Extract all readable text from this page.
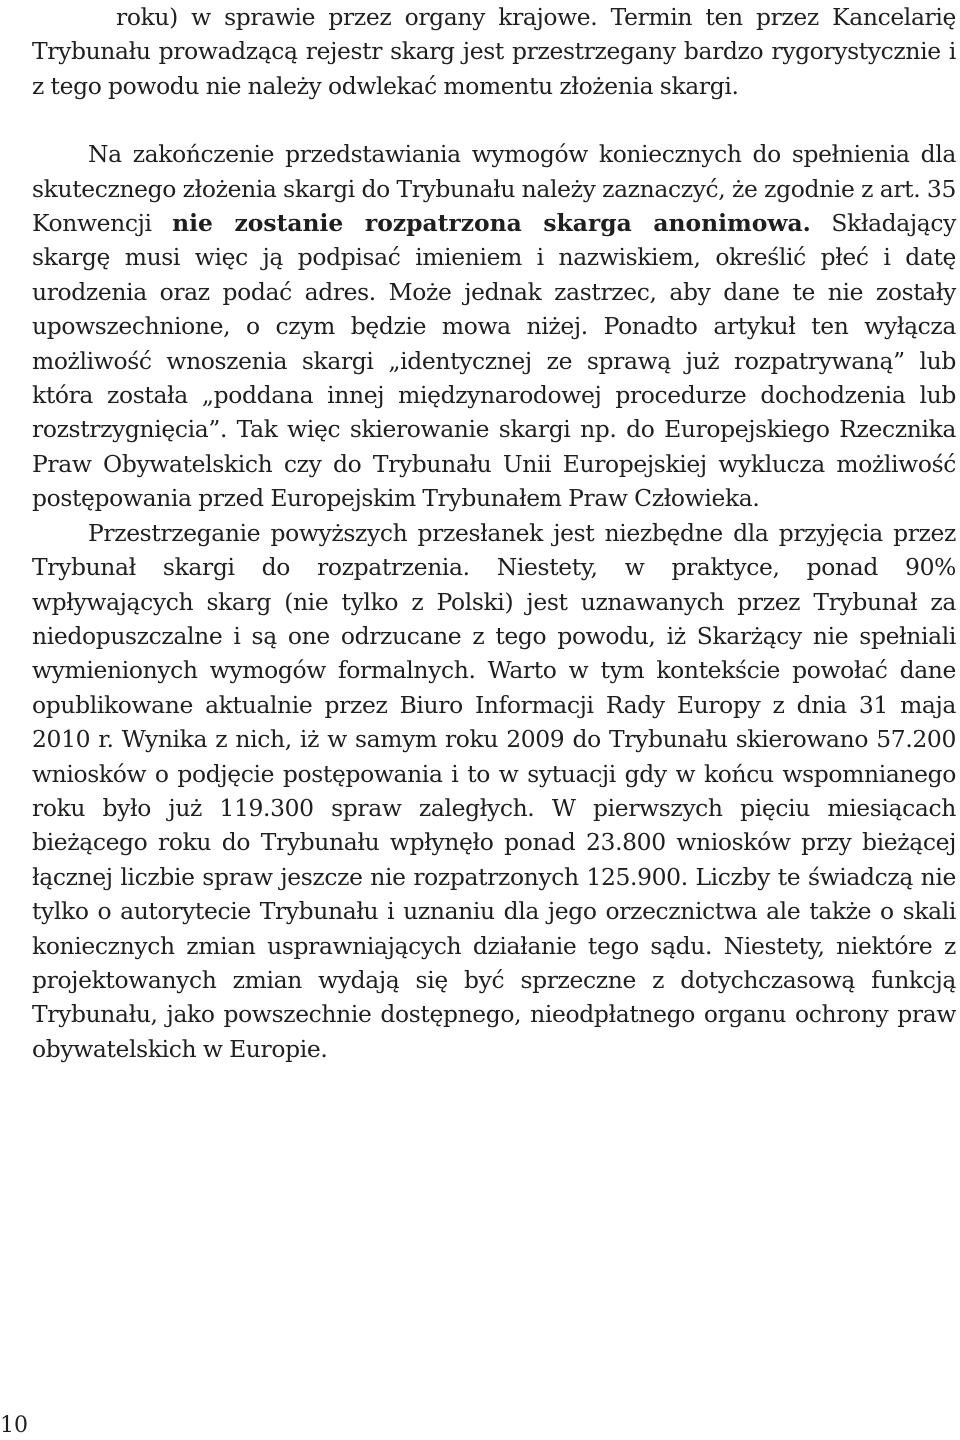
roku) w sprawie przez organy krajowe. Termin ten przez Kancelarię Trybunału prowadzącą rejestr skarg jest przestrzegany bardzo rygorystycznie i z tego powodu nie należy odwlekać momentu złożenia skargi.

Na zakończenie przedstawiania wymogów koniecznych do spełnienia dla skutecznego złożenia skargi do Trybunału należy zaznaczyć, że zgodnie z art. 35 Konwencji nie zostanie rozpatrzona skarga anonimowa. Składający skargę musi więc ją podpisać imieniem i nazwiskiem, określić płeć i datę urodzenia oraz podać adres. Może jednak zastrzec, aby dane te nie zostały upowszechnione, o czym będzie mowa niżej. Ponadto artykuł ten wyłącza możliwość wnoszenia skargi „identycznej ze sprawą już rozpatrywaną” lub która została „poddana innej międzynarodowej procedurze dochodzenia lub rozstrzygnięcia”. Tak więc skierowanie skargi np. do Europejskiego Rzecznika Praw Obywatelskich czy do Trybunału Unii Europejskiej wyklucza możliwość postępowania przed Europejskim Trybunałem Praw Człowieka.

Przestrzeganie powyższych przesłanek jest niezbędne dla przyjęcia przez Trybunał skargi do rozpatrzenia. Niestety, w praktyce, ponad 90% wpływających skarg (nie tylko z Polski) jest uznawanych przez Trybunał za niedopuszczalne i są one odrzucane z tego powodu, iż Skarżący nie spełniali wymienionych wymogów formalnych. Warto w tym kontekście powołać dane opublikowane aktualnie przez Biuro Informacji Rady Europy z dnia 31 maja 2010 r. Wynika z nich, iż w samym roku 2009 do Trybunału skierowano 57.200 wniosków o podjęcie postępowania i to w sytuacji gdy w końcu wspomnianego roku było już 119.300 spraw zaległych. W pierwszych pięciu miesiącach bieżącego roku do Trybunału wpłynęło ponad 23.800 wniosków przy bieżącej łącznej liczbie spraw jeszcze nie rozpatrzonych 125.900. Liczby te świadczą nie tylko o autorytecie Trybunału i uznaniu dla jego orzecznictwa ale także o skali koniecznych zmian usprawniających działanie tego sądu. Niestety, niektóre z projektowanych zmian wydają się być sprzeczne z dotychczasową funkcją Trybunału, jako powszechnie dostępnego, nieodpłatnego organu ochrony praw obywatelskich w Europie.

10
